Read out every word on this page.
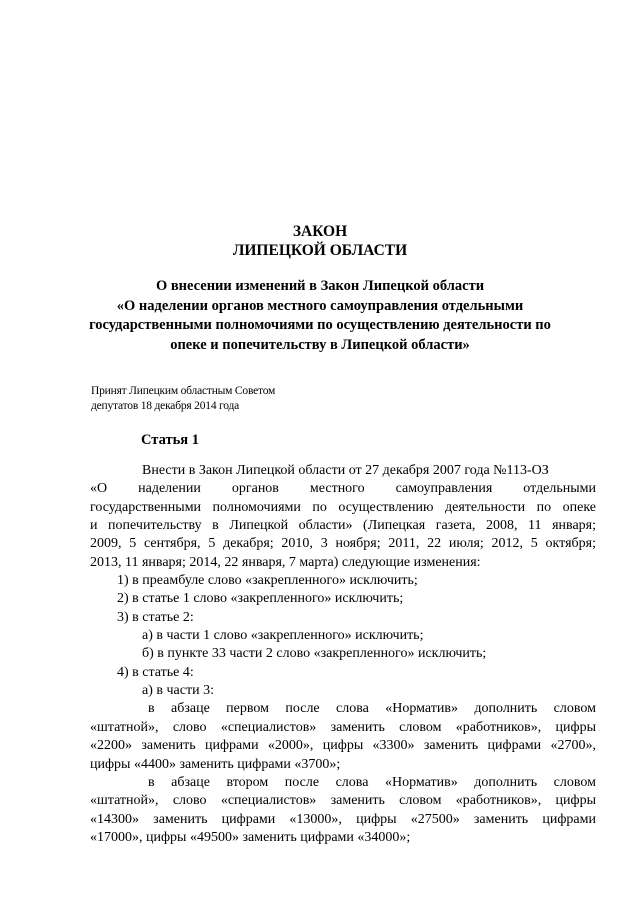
ЗАКОН
ЛИПЕЦКОЙ ОБЛАСТИ
О внесении изменений в Закон Липецкой области
«О наделении органов местного самоуправления отдельными
государственными полномочиями по осуществлению деятельности по
опеке и попечительству в Липецкой области»
Принят Липецким областным Советом
депутатов 18 декабря 2014 года
Статья 1
Внести в Закон Липецкой области от 27 декабря 2007 года №113-ОЗ
«О наделении органов местного самоуправления отдельными
государственными полномочиями по осуществлению деятельности по опеке
и попечительству в Липецкой области» (Липецкая газета, 2008, 11 января;
2009, 5 сентября, 5 декабря; 2010, 3 ноября; 2011, 22 июля; 2012, 5 октября;
2013, 11 января; 2014, 22 января, 7 марта) следующие изменения:
1) в преамбуле слово «закрепленного» исключить;
2) в статье 1 слово «закрепленного» исключить;
3) в статье 2:
а) в части 1 слово «закрепленного» исключить;
б) в пункте 33 части 2 слово «закрепленного» исключить;
4) в статье 4:
а) в части 3:
в абзаце первом после слова «Норматив» дополнить словом
«штатной», слово «специалистов» заменить словом «работников», цифры
«2200» заменить цифрами «2000», цифры «3300» заменить цифрами «2700»,
цифры «4400» заменить цифрами «3700»;
в абзаце втором после слова «Норматив» дополнить словом
«штатной», слово «специалистов» заменить словом «работников», цифры
«14300» заменить цифрами «13000», цифры «27500» заменить цифрами
«17000», цифры «49500» заменить цифрами «34000»;
